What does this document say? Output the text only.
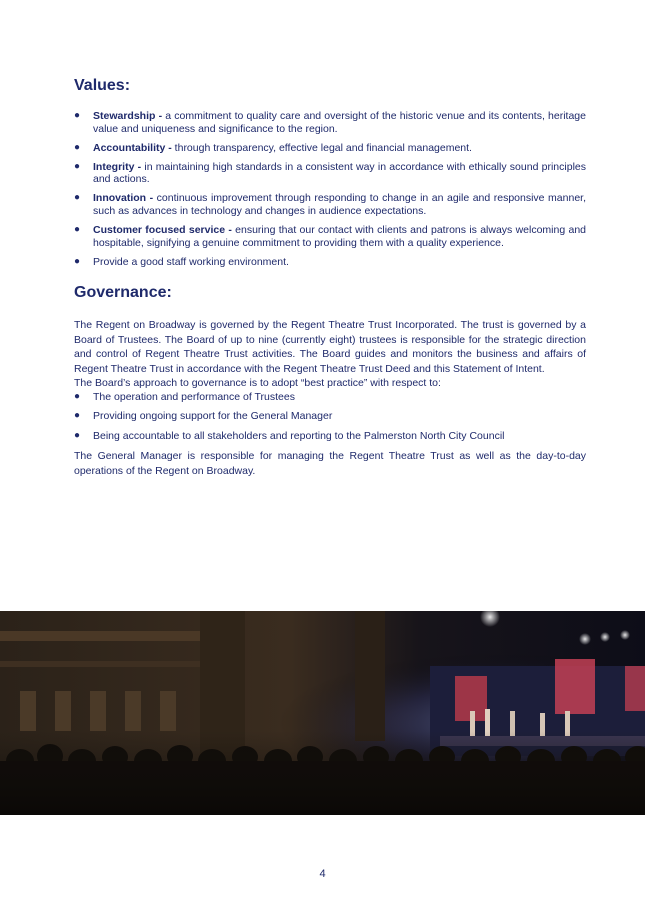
Values:
● Stewardship - a commitment to quality care and oversight of the historic venue and its contents, heritage value and uniqueness and significance to the region.
● Accountability - through transparency, effective legal and financial management.
● Integrity - in maintaining high standards in a consistent way in accordance with ethically sound principles and actions.
● Innovation - continuous improvement through responding to change in an agile and responsive manner, such as advances in technology and changes in audience expectations.
● Customer focused service - ensuring that our contact with clients and patrons is always welcoming and hospitable, signifying a genuine commitment to providing them with a quality experience.
● Provide a good staff working environment.
Governance:

The Regent on Broadway is governed by the Regent Theatre Trust Incorporated. The trust is governed by a Board of Trustees. The Board of up to nine (currently eight) trustees is responsible for the strategic direction and control of Regent Theatre Trust activities. The Board guides and monitors the business and affairs of Regent Theatre Trust in accordance with the Regent Theatre Trust Deed and this Statement of Intent.

The Board’s approach to governance is to adopt “best practice” with respect to:

● The operation and performance of Trustees
● Providing ongoing support for the General Manager
● Being accountable to all stakeholders and reporting to the Palmerston North City Council

The General Manager is responsible for managing the Regent Theatre Trust as well as the day-to-day operations of the Regent on Broadway.

4
